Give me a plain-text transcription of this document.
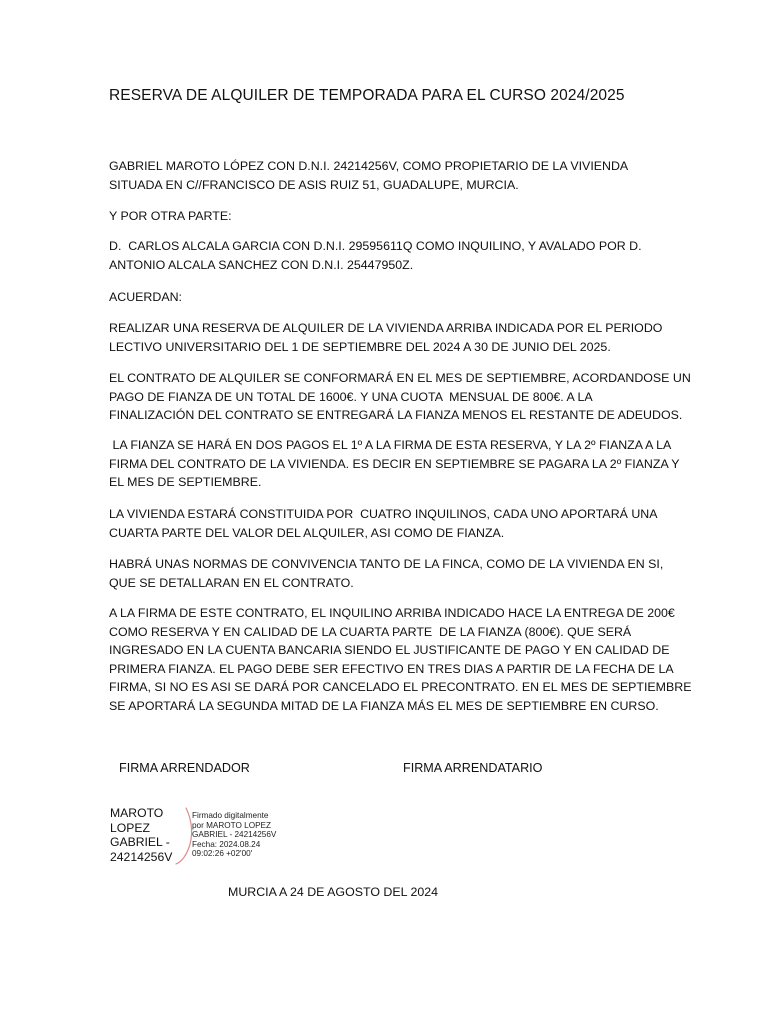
RESERVA DE ALQUILER DE TEMPORADA PARA EL CURSO 2024/2025

GABRIEL MAROTO LÓPEZ CON D.N.I. 24214256V, COMO PROPIETARIO DE LA VIVIENDA
SITUADA EN C//FRANCISCO DE ASIS RUIZ 51, GUADALUPE, MURCIA.

Y POR OTRA PARTE:

D.  CARLOS ALCALA GARCIA CON D.N.I. 29595611Q COMO INQUILINO, Y AVALADO POR D.
ANTONIO ALCALA SANCHEZ CON D.N.I. 25447950Z.

ACUERDAN:

REALIZAR UNA RESERVA DE ALQUILER DE LA VIVIENDA ARRIBA INDICADA POR EL PERIODO
LECTIVO UNIVERSITARIO DEL 1 DE SEPTIEMBRE DEL 2024 A 30 DE JUNIO DEL 2025.

EL CONTRATO DE ALQUILER SE CONFORMARÁ EN EL MES DE SEPTIEMBRE, ACORDANDOSE UN
PAGO DE FIANZA DE UN TOTAL DE 1600€. Y UNA CUOTA  MENSUAL DE 800€. A LA
FINALIZACIÓN DEL CONTRATO SE ENTREGARÁ LA FIANZA MENOS EL RESTANTE DE ADEUDOS.

LA FIANZA SE HARÁ EN DOS PAGOS EL 1º A LA FIRMA DE ESTA RESERVA, Y LA 2º FIANZA A LA
FIRMA DEL CONTRATO DE LA VIVIENDA. ES DECIR EN SEPTIEMBRE SE PAGARA LA 2º FIANZA Y
EL MES DE SEPTIEMBRE.

LA VIVIENDA ESTARÁ CONSTITUIDA POR  CUATRO INQUILINOS, CADA UNO APORTARÁ UNA
CUARTA PARTE DEL VALOR DEL ALQUILER, ASI COMO DE FIANZA.

HABRÁ UNAS NORMAS DE CONVIVENCIA TANTO DE LA FINCA, COMO DE LA VIVIENDA EN SI,
QUE SE DETALLARAN EN EL CONTRATO.

A LA FIRMA DE ESTE CONTRATO, EL INQUILINO ARRIBA INDICADO HACE LA ENTREGA DE 200€
COMO RESERVA Y EN CALIDAD DE LA CUARTA PARTE  DE LA FIANZA (800€). QUE SERÁ
INGRESADO EN LA CUENTA BANCARIA SIENDO EL JUSTIFICANTE DE PAGO Y EN CALIDAD DE
PRIMERA FIANZA. EL PAGO DEBE SER EFECTIVO EN TRES DIAS A PARTIR DE LA FECHA DE LA
FIRMA, SI NO ES ASI SE DARÁ POR CANCELADO EL PRECONTRATO. EN EL MES DE SEPTIEMBRE
SE APORTARÁ LA SEGUNDA MITAD DE LA FIANZA MÁS EL MES DE SEPTIEMBRE EN CURSO.

FIRMA ARRENDADOR	FIRMA ARRENDATARIO
MAROTO
LOPEZ
GABRIEL -
24214256V
Firmado digitalmente
por MAROTO LOPEZ
GABRIEL - 24214256V
Fecha: 2024.08.24
09:02:26 +02'00'
MURCIA A 24 DE AGOSTO DEL 2024
